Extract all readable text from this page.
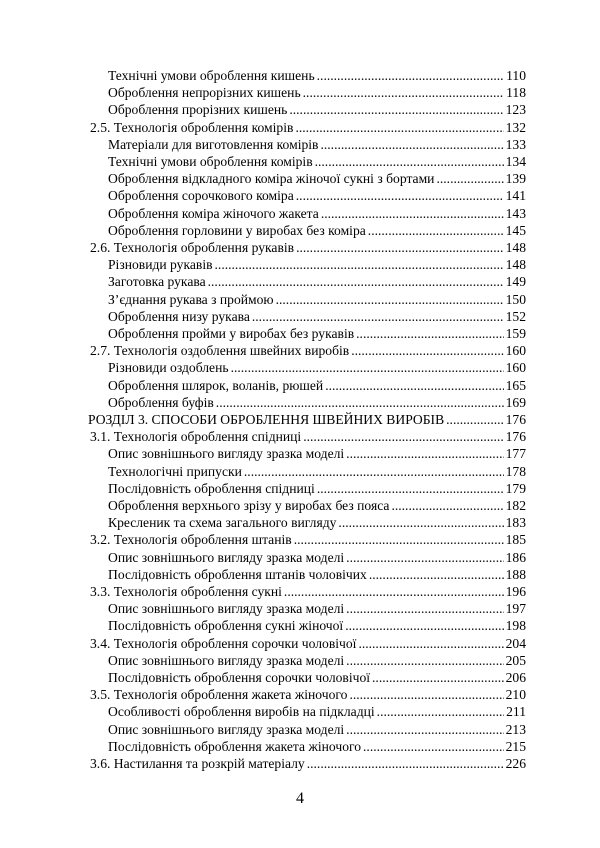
Технічні умови оброблення кишень .....	110
Оброблення непрорізних кишень .....	118
Оброблення прорізних кишень .....	123
2.5. Технологія оброблення комірів .....	132
Матеріали для виготовлення комірів .....	133
Технічні умови оброблення комірів .....	134
Оброблення відкладного коміра жіночої сукні з бортами .....	139
Оброблення сорочкового коміра .....	141
Оброблення коміра жіночого жакета .....	143
Оброблення горловини у виробах без коміра .....	145
2.6. Технологія оброблення рукавів .....	148
Різновиди рукавів .....	148
Заготовка рукава .....	149
З’єднання рукава з проймою .....	150
Оброблення низу рукава .....	152
Оброблення пройми у виробах без рукавів .....	159
2.7. Технологія оздоблення швейних виробів .....	160
Різновиди оздоблень .....	160
Оброблення шлярок, воланів, рюшей .....	165
Оброблення буфів .....	169
РОЗДІЛ 3. СПОСОБИ ОБРОБЛЕННЯ ШВЕЙНИХ ВИРОБІВ .....	176
3.1. Технологія оброблення спідниці .....	176
Опис зовнішнього вигляду зразка моделі .....	177
Технологічні припуски .....	178
Послідовність оброблення спідниці .....	179
Оброблення верхнього зрізу у виробах без пояса .....	182
Кресленик та схема загального вигляду .....	183
3.2. Технологія оброблення штанів .....	185
Опис зовнішнього вигляду зразка моделі .....	186
Послідовність оброблення штанів чоловічих .....	188
3.3. Технологія оброблення сукні .....	196
Опис зовнішнього вигляду зразка моделі .....	197
Послідовність оброблення сукні жіночої .....	198
3.4. Технологія оброблення сорочки чоловічої .....	204
Опис зовнішнього вигляду зразка моделі .....	205
Послідовність оброблення сорочки чоловічої .....	206
3.5. Технологія оброблення жакета жіночого .....	210
Особливості оброблення виробів на підкладці .....	211
Опис зовнішнього вигляду зразка моделі .....	213
Послідовність оброблення жакета жіночого .....	215
3.6. Настилання та розкрій матеріалу .....	226
4
